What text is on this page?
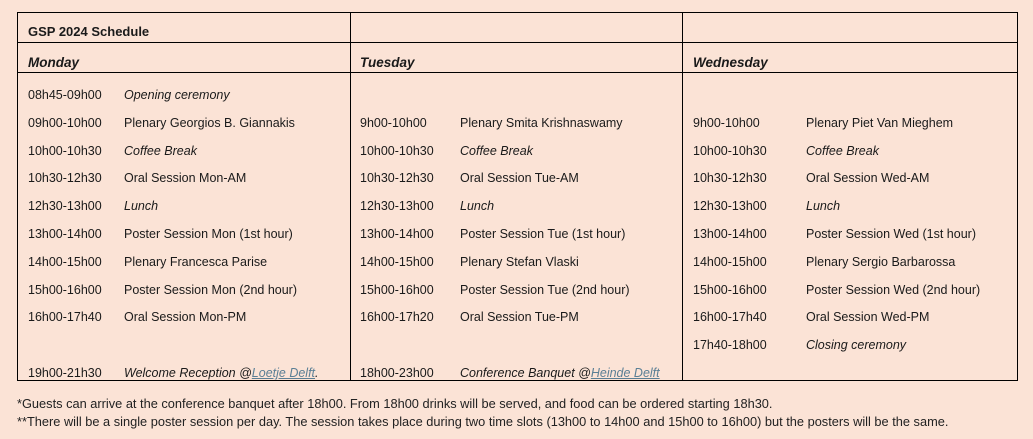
GSP 2024 Schedule
Monday
08h45-09h00 Opening ceremony
09h00-10h00 Plenary Georgios B. Giannakis
10h00-10h30 Coffee Break
10h30-12h30 Oral Session Mon-AM
12h30-13h00 Lunch
13h00-14h00 Poster Session Mon (1st hour)
14h00-15h00 Plenary Francesca Parise
15h00-16h00 Poster Session Mon (2nd hour)
16h00-17h40 Oral Session Mon-PM
19h00-21h30 Welcome Reception @Loetje Delft.
Tuesday
9h00-10h00	Plenary Smita Krishnaswamy
10h00-10h30 Coffee Break
10h30-12h30 Oral Session Tue-AM
12h30-13h00 Lunch
13h00-14h00 Poster Session Tue (1st hour)
14h00-15h00 Plenary Stefan Vlaski
15h00-16h00 Poster Session Tue (2nd hour)
16h00-17h20 Oral Session Tue-PM
18h00-23h00 Conference Banquet @Heinde Delft
Wednesday
9h00-10h00	Plenary Piet Van Mieghem
10h00-10h30	Coffee Break
10h30-12h30	Oral Session Wed-AM
12h30-13h00	Lunch
13h00-14h00	Poster Session Wed (1st hour)
14h00-15h00	Plenary Sergio Barbarossa
15h00-16h00	Poster Session Wed (2nd hour)
16h00-17h40	Oral Session Wed-PM
17h40-18h00	Closing ceremony
*Guests can arrive at the conference banquet after 18h00. From 18h00 drinks will be served, and food can be ordered starting 18h30.
**There will be a single poster session per day. The session takes place during two time slots (13h00 to 14h00 and 15h00 to 16h00) but the posters will be the same.
